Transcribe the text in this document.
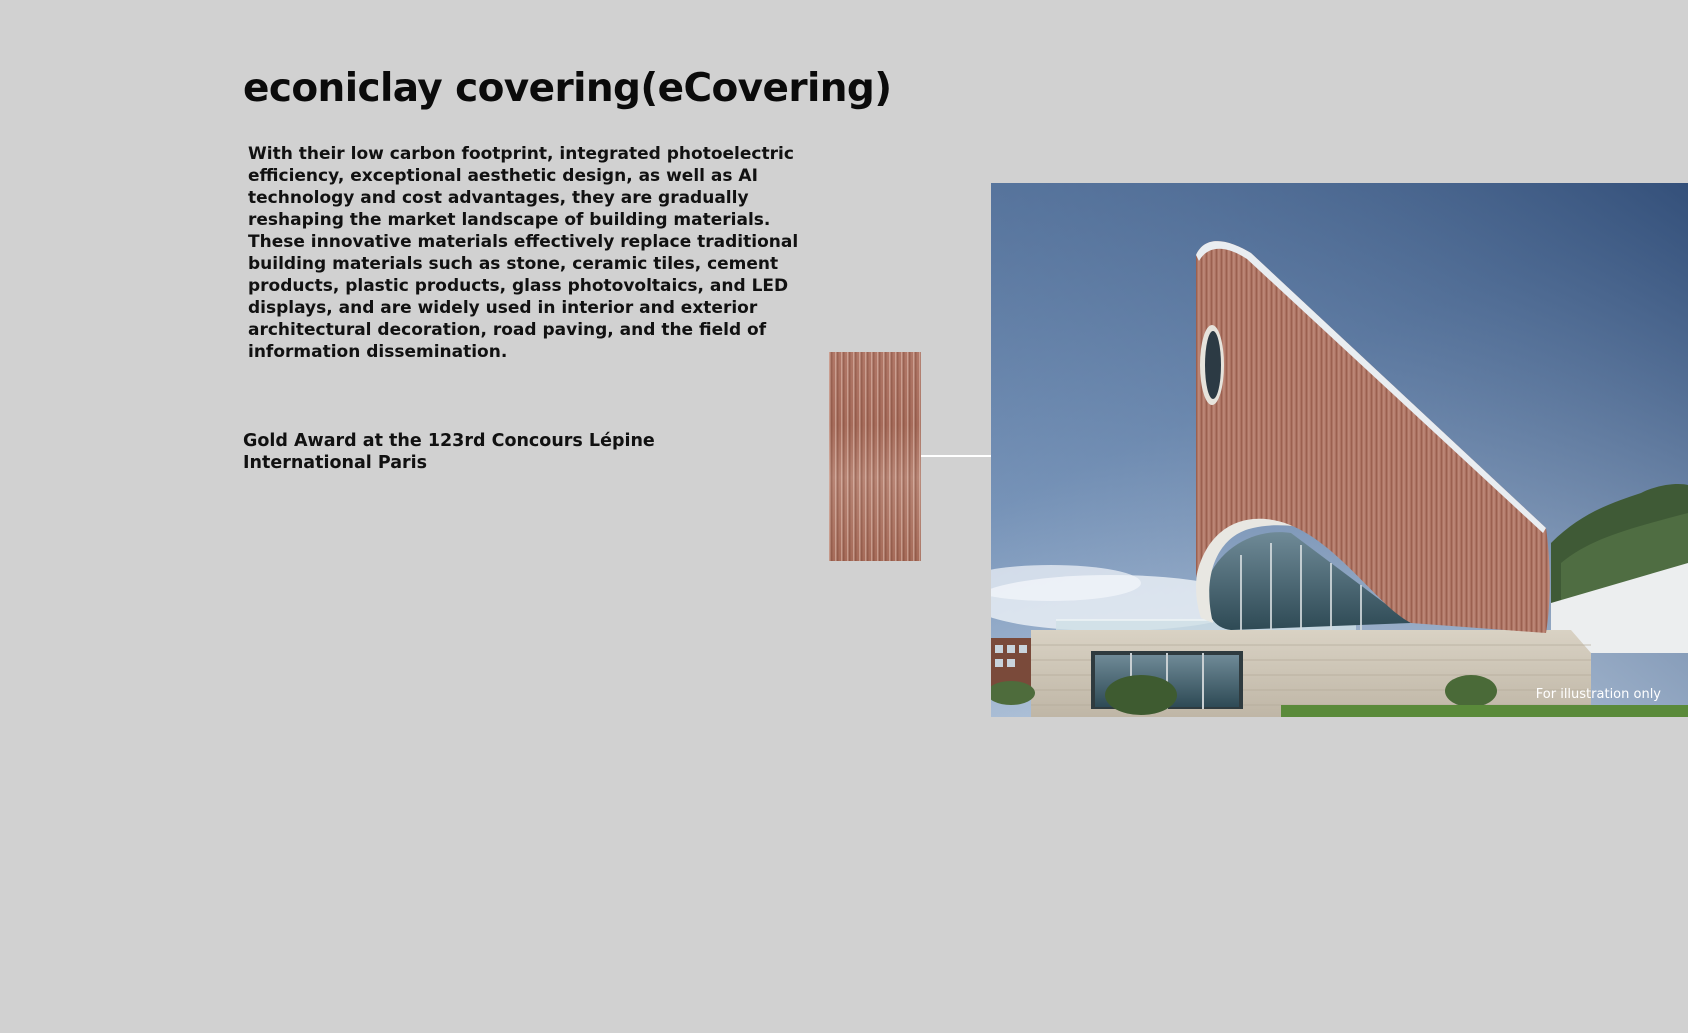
econiclay covering(eCovering)

With their low carbon footprint, integrated photoelectric efficiency, exceptional aesthetic design, as well as AI technology and cost advantages, they are gradually reshaping the market landscape of building materials. These innovative materials effectively replace traditional building materials such as stone, ceramic tiles, cement products, plastic products, glass photovoltaics, and LED displays, and are widely used in interior and exterior architectural decoration, road paving, and the field of information dissemination.

Gold Award at the 123rd Concours Lépine International Paris

For illustration only
